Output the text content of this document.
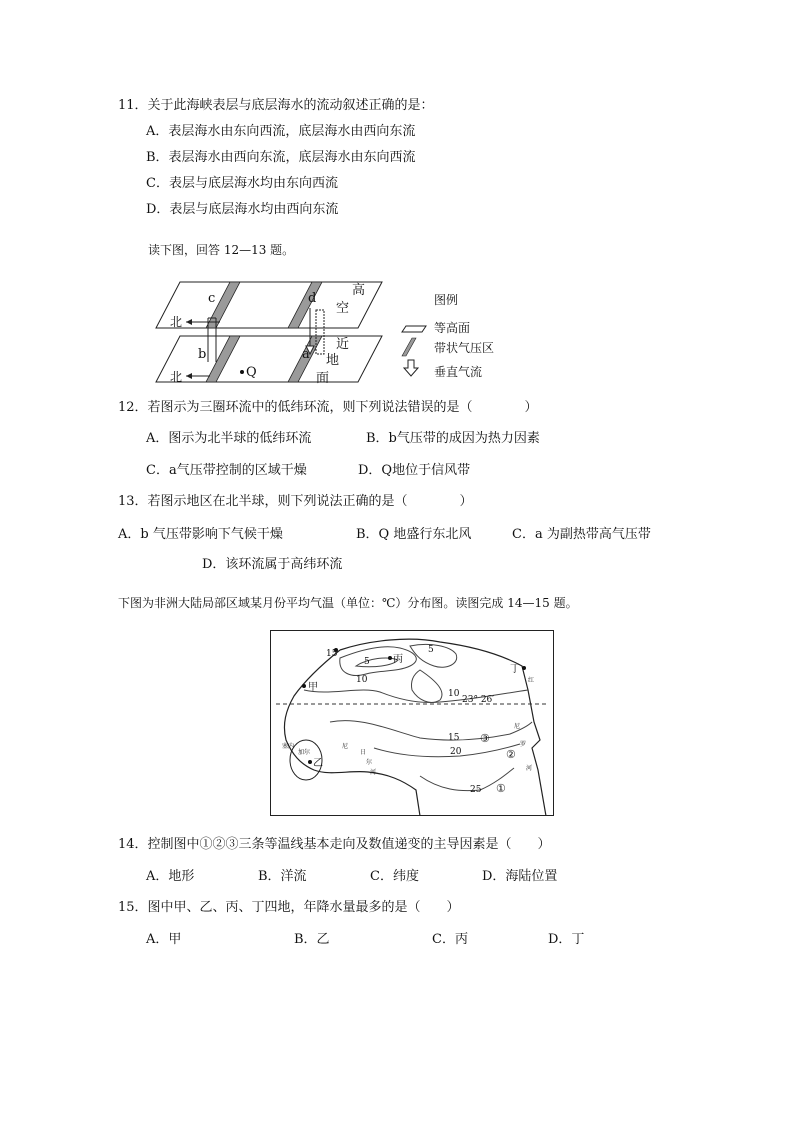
11．关于此海峡表层与底层海水的流动叙述正确的是：
A．表层海水由东向西流，底层海水由西向东流
B．表层海水由西向东流，底层海水由东向西流
C．表层与底层海水均由东向西流
D．表层与底层海水均由西向东流
读下图，回答 12—13 题。
c	d
北
高
空
b	a
Q
北
近
地
面
图例
等高面
带状气压区
垂直气流
12．若图示为三圈环流中的低纬环流，则下列说法错误的是（　　　　）
A．图示为北半球的低纬环流	B．b气压带的成因为热力因素
C．a气压带控制的区域干燥	D．Q地位于信风带
13．若图示地区在北半球，则下列说法正确的是（　　　　）
A．b 气压带影响下气候干燥	B．Q 地盛行东北风	C．a 为副热带高气压带
D．该环流属于高纬环流
下图为非洲大陆局部区域某月份平均气温（单位：℃）分布图。读图完成 14—15 题。
甲
乙
丙
丁
5
5
10
10
15
15
20
25 ①
②
③
23° 26′
塞内
加尔
尼
日
尔
河
尼
罗
河
红
14．控制图中①②③三条等温线基本走向及数值递变的主导因素是（　　）
A．地形	B．洋流	C．纬度	D．海陆位置
15．图中甲、乙、丙、丁四地，年降水量最多的是（　　）
A．甲	B．乙	C．丙	D．丁
